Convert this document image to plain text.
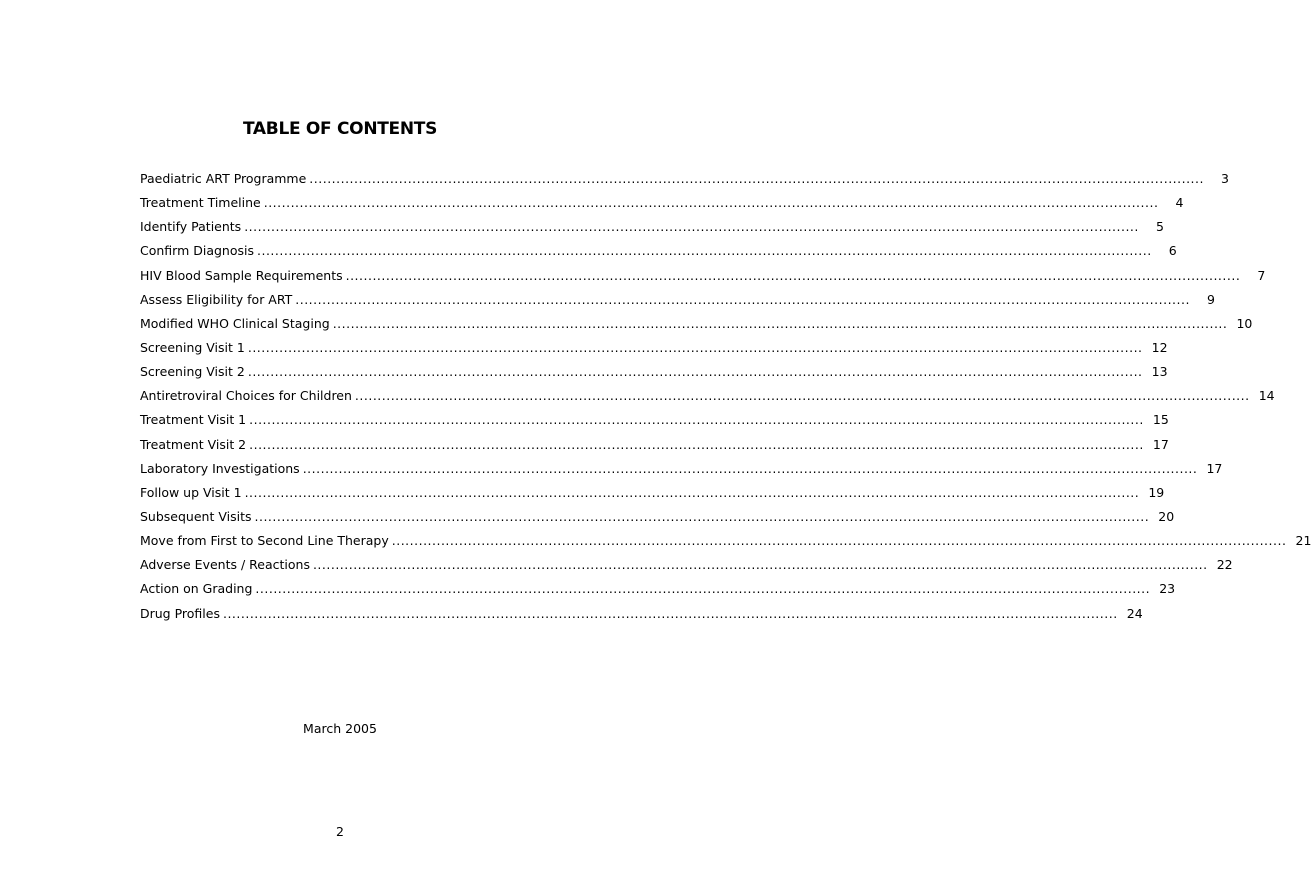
TABLE OF CONTENTS
Paediatric ART Programme ........................................................................................................................................................................................................	3
Treatment Timeline ........................................................................................................................................................................................................	4
Identify Patients ........................................................................................................................................................................................................	5
Confirm Diagnosis ........................................................................................................................................................................................................	6
HIV Blood Sample Requirements ........................................................................................................................................................................................................	7
Assess Eligibility for ART ........................................................................................................................................................................................................	9
Modified WHO Clinical Staging ........................................................................................................................................................................................................ 10
Screening Visit 1 ........................................................................................................................................................................................................ 12
Screening Visit 2 ........................................................................................................................................................................................................ 13
Antiretroviral Choices for Children ........................................................................................................................................................................................................ 14
Treatment Visit 1 ........................................................................................................................................................................................................ 15
Treatment Visit 2 ........................................................................................................................................................................................................ 17
Laboratory Investigations ........................................................................................................................................................................................................ 17
Follow up Visit 1 ........................................................................................................................................................................................................ 19
Subsequent Visits ........................................................................................................................................................................................................ 20
Move from First to Second Line Therapy ........................................................................................................................................................................................................ 21
Adverse Events / Reactions ........................................................................................................................................................................................................ 22
Action on Grading ........................................................................................................................................................................................................ 23
Drug Profiles ........................................................................................................................................................................................................ 24
March 2005
2
